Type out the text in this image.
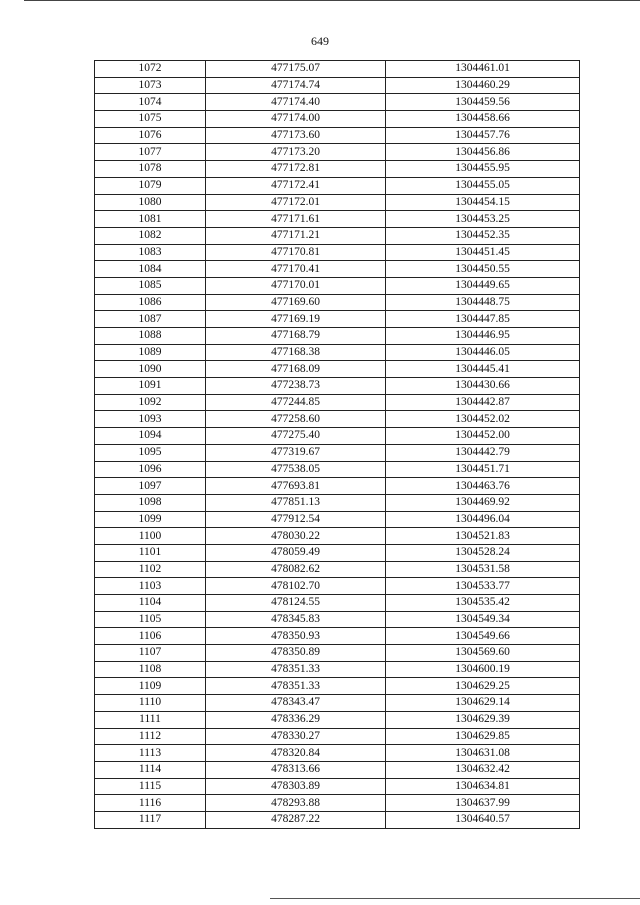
649
1072	477175.07	1304461.01
1073	477174.74	1304460.29
1074	477174.40	1304459.56
1075	477174.00	1304458.66
1076	477173.60	1304457.76
1077	477173.20	1304456.86
1078	477172.81	1304455.95
1079	477172.41	1304455.05
1080	477172.01	1304454.15
1081	477171.61	1304453.25
1082	477171.21	1304452.35
1083	477170.81	1304451.45
1084	477170.41	1304450.55
1085	477170.01	1304449.65
1086	477169.60	1304448.75
1087	477169.19	1304447.85
1088	477168.79	1304446.95
1089	477168.38	1304446.05
1090	477168.09	1304445.41
1091	477238.73	1304430.66
1092	477244.85	1304442.87
1093	477258.60	1304452.02
1094	477275.40	1304452.00
1095	477319.67	1304442.79
1096	477538.05	1304451.71
1097	477693.81	1304463.76
1098	477851.13	1304469.92
1099	477912.54	1304496.04
1100	478030.22	1304521.83
1101	478059.49	1304528.24
1102	478082.62	1304531.58
1103	478102.70	1304533.77
1104	478124.55	1304535.42
1105	478345.83	1304549.34
1106	478350.93	1304549.66
1107	478350.89	1304569.60
1108	478351.33	1304600.19
1109	478351.33	1304629.25
1110	478343.47	1304629.14
1111	478336.29	1304629.39
1112	478330.27	1304629.85
1113	478320.84	1304631.08
1114	478313.66	1304632.42
1115	478303.89	1304634.81
1116	478293.88	1304637.99
1117	478287.22	1304640.57
